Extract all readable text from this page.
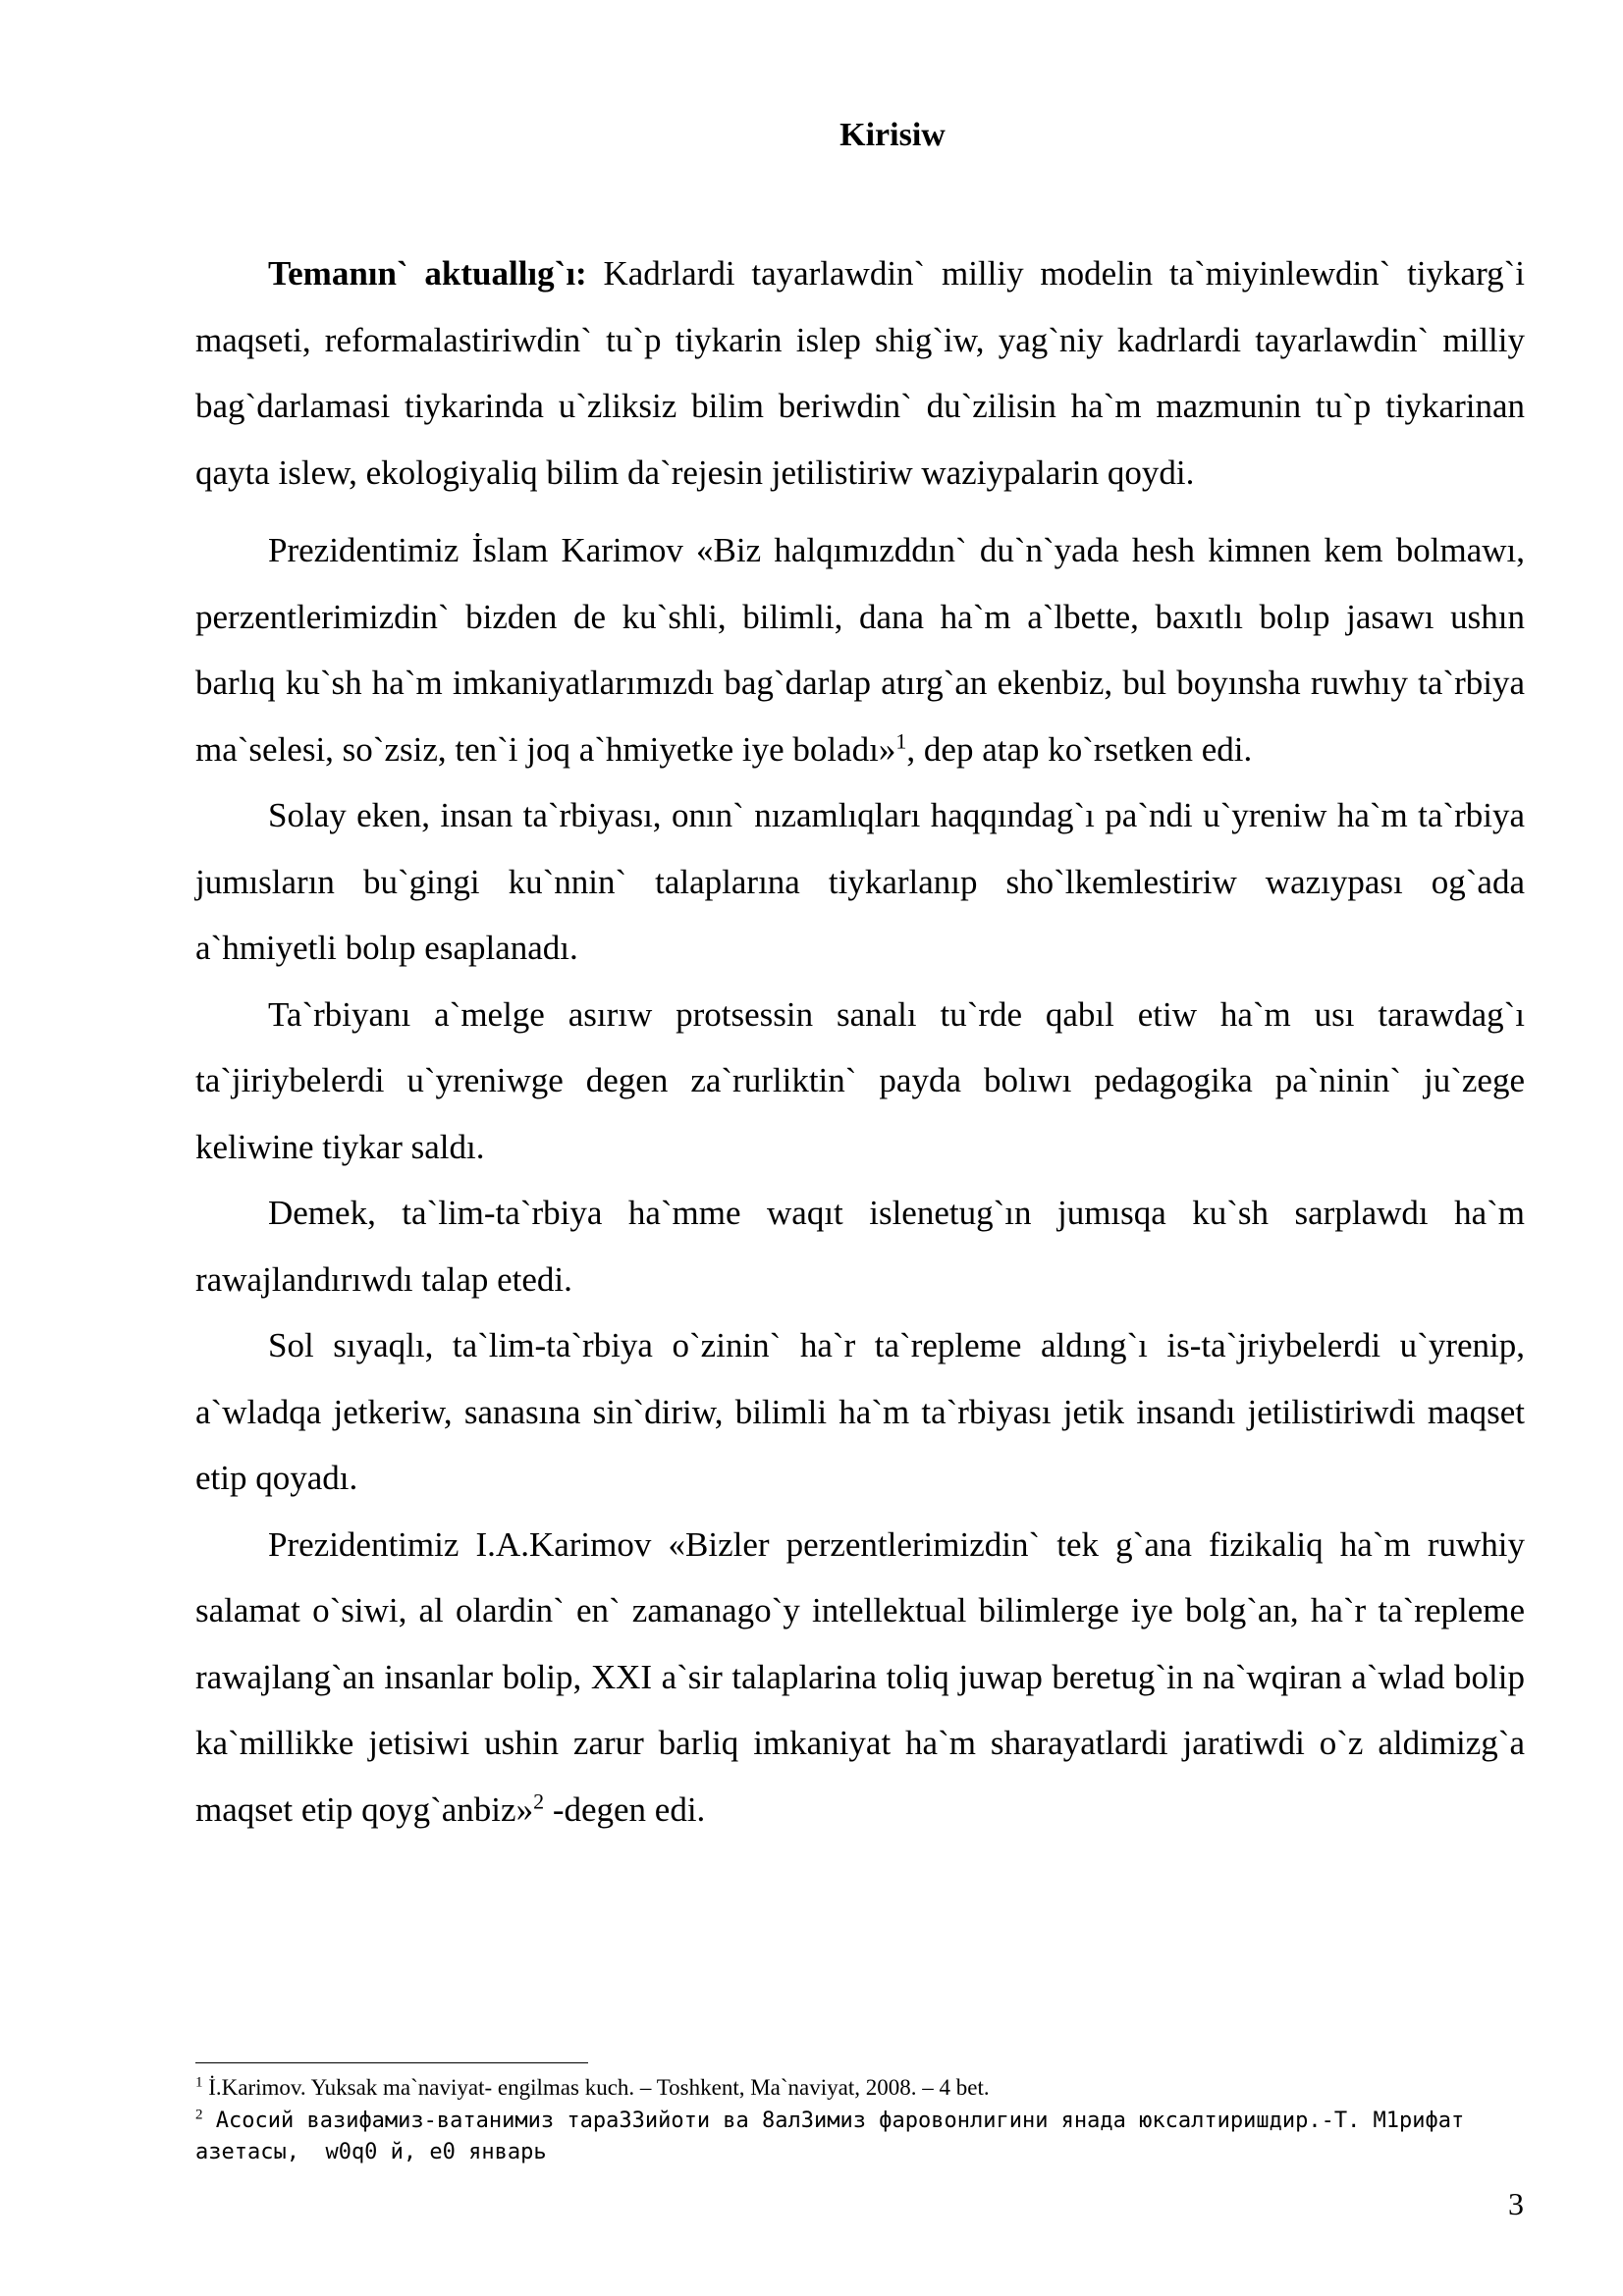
Kirisiw

Temanın` aktuallıg`ı: Kadrlardi tayarlawdin` milliy modelin ta`miyinlewdin` tiykarg`i maqseti, reformalastiriwdin` tu`p tiykarin islep shig`iw, yag`niy kadrlardi tayarlawdin` milliy bag`darlamasi tiykarinda u`zliksiz bilim beriwdin` du`zilisin ha`m mazmunin tu`p tiykarinan qayta islew, ekologiyaliq bilim da`rejesin jetilistiriw waziypalarin qoydi.

Prezidentimiz İslam Karimov «Biz halqımızddın` du`n`yada hesh kimnen kem bolmawı, perzentlerimizdin` bizden de ku`shli, bilimli, dana ha`m a`lbette, baxıtlı bolıp jasawı ushın barlıq ku`sh ha`m imkaniyatlarımızdı bag`darlap atırg`an ekenbiz, bul boyınsha ruwhıy ta`rbiya ma`selesi, so`zsiz, ten`i joq a`hmiyetke iye boladı»$^1$, dep atap ko`rsetken edi.

Solay eken, insan ta`rbiyası, onın` nızamlıqları haqqındag`ı pa`ndi u`yreniw ha`m ta`rbiya jumısların bu`gingi ku`nnin` talaplarına tiykarlanıp sho`lkemlestiriw wazıypası og`ada a`hmiyetli bolıp esaplanadı.

Ta`rbiyanı a`melge asırıw protsessin sanalı tu`rde qabıl etiw ha`m usı tarawdag`ı ta`jiriybelerdi u`yreniwge degen za`rurliktin` payda bolıwı pedagogika pa`ninin` ju`zege keliwine tiykar saldı.

Demek, ta`lim-ta`rbiya ha`mme waqıt islenetug`ın jumısqa ku`sh sarplawdı ha`m rawajlandırıwdı talap etedi.

Sol sıyaqlı, ta`lim-ta`rbiya o`zinin` ha`r ta`repleme aldıng`ı is-ta`jriybelerdi u`yrenip, a`wladqa jetkeriw, sanasına sin`diriw, bilimli ha`m ta`rbiyası jetik insandı jetilistiriwdi maqset etip qoyadı.

Prezidentimiz I.A.Karimov «Bizler perzentlerimizdin` tek g`ana fizikaliq ha`m ruwhiy salamat o`siwi, al olardin` en` zamanago`y intellektual bilimlerge iye bolg`an, ha`r ta`repleme rawajlang`an insanlar bolip, XXI a`sir talaplarina toliq juwap beretug`in na`wqiran a`wlad bolip ka`millikke jetisiwi ushin zarur barliq imkaniyat ha`m sharayatlardi jaratiwdi o`z aldimizg`a maqset etip qoyg`anbiz»$^2$ -degen edi.

$^1$ İ.Karimov. Yuksak ma`naviyat- engilmas kuch. – Toshkent, Ma`naviyat, 2008. – 4 bet.
$^2$ Асосий вазифамиз-ватанимиз тара33ийоти ва 8ал3имиз фаровонлигини янада юксалтиришдир.-Т. М1рифат азетасы,  w0q0 й, е0 январь
3
